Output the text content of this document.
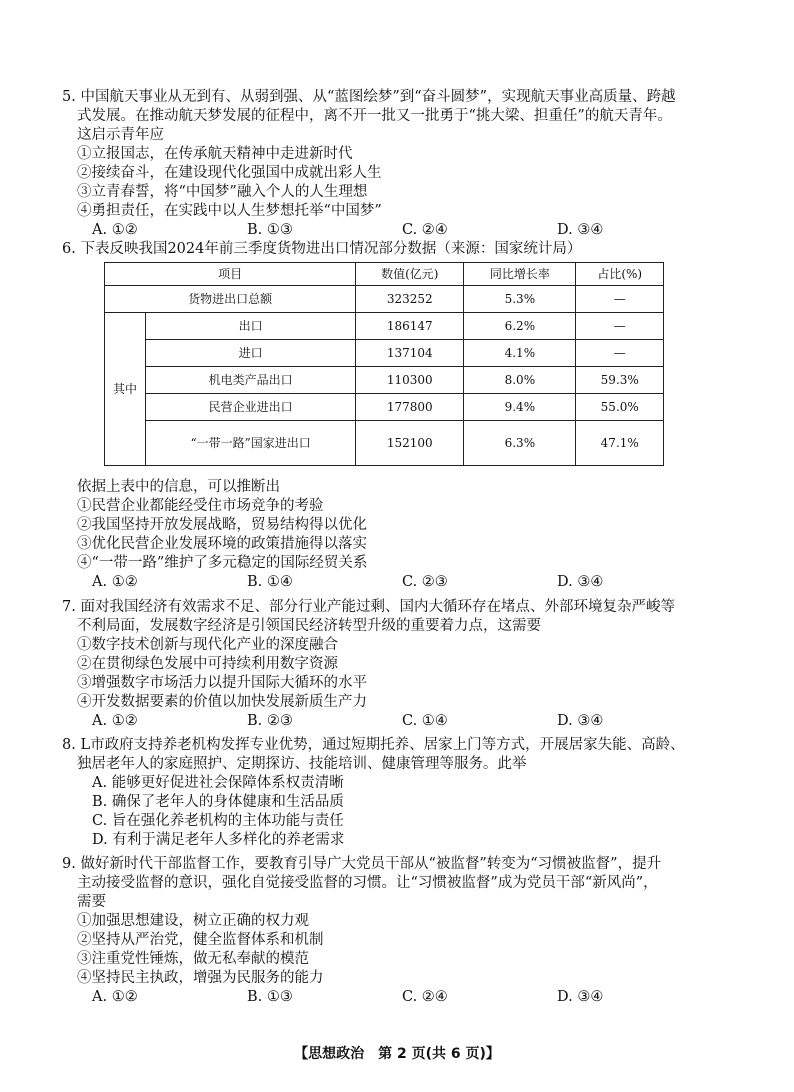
5. 中国航天事业从无到有、从弱到强、从“蓝图绘梦”到“奋斗圆梦”，实现航天事业高质量、跨越
式发展。在推动航天梦发展的征程中，离不开一批又一批勇于“挑大梁、担重任”的航天青年。
这启示青年应
①立报国志，在传承航天精神中走进新时代
②接续奋斗，在建设现代化强国中成就出彩人生
③立青春誓，将“中国梦”融入个人的人生理想
④勇担责任，在实践中以人生梦想托举“中国梦”
A. ①②	B. ①③	C. ②④	D. ③④
6. 下表反映我国2024年前三季度货物进出口情况部分数据（来源：国家统计局）
项目		数值(亿元)	同比增长率	占比(%)
货物进出口总额		323252	5.3%	—
其中	出口	186147	6.2%	—
	进口	137104	4.1%	—
	机电类产品出口	110300	8.0%	59.3%
	民营企业进出口	177800	9.4%	55.0%
	“一带一路”国家进出口	152100	6.3%	47.1%
依据上表中的信息，可以推断出
①民营企业都能经受住市场竞争的考验
②我国坚持开放发展战略，贸易结构得以优化
③优化民营企业发展环境的政策措施得以落实
④“一带一路”维护了多元稳定的国际经贸关系
A. ①②	B. ①④	C. ②③	D. ③④
7. 面对我国经济有效需求不足、部分行业产能过剩、国内大循环存在堵点、外部环境复杂严峻等
不利局面，发展数字经济是引领国民经济转型升级的重要着力点，这需要
①数字技术创新与现代化产业的深度融合
②在贯彻绿色发展中可持续利用数字资源
③增强数字市场活力以提升国际大循环的水平
④开发数据要素的价值以加快发展新质生产力
A. ①②	B. ②③	C. ①④	D. ③④
8. L市政府支持养老机构发挥专业优势，通过短期托养、居家上门等方式，开展居家失能、高龄、
独居老年人的家庭照护、定期探访、技能培训、健康管理等服务。此举
A. 能够更好促进社会保障体系权责清晰
B. 确保了老年人的身体健康和生活品质
C. 旨在强化养老机构的主体功能与责任
D. 有利于满足老年人多样化的养老需求
9. 做好新时代干部监督工作，要教育引导广大党员干部从“被监督”转变为“习惯被监督”，提升
主动接受监督的意识，强化自觉接受监督的习惯。让“习惯被监督”成为党员干部“新风尚”，
需要
①加强思想建设，树立正确的权力观
②坚持从严治党，健全监督体系和机制
③注重党性锤炼，做无私奉献的模范
④坚持民主执政，增强为民服务的能力
A. ①②	B. ①③	C. ②④	D. ③④
【思想政治　第 2 页(共 6 页)】
